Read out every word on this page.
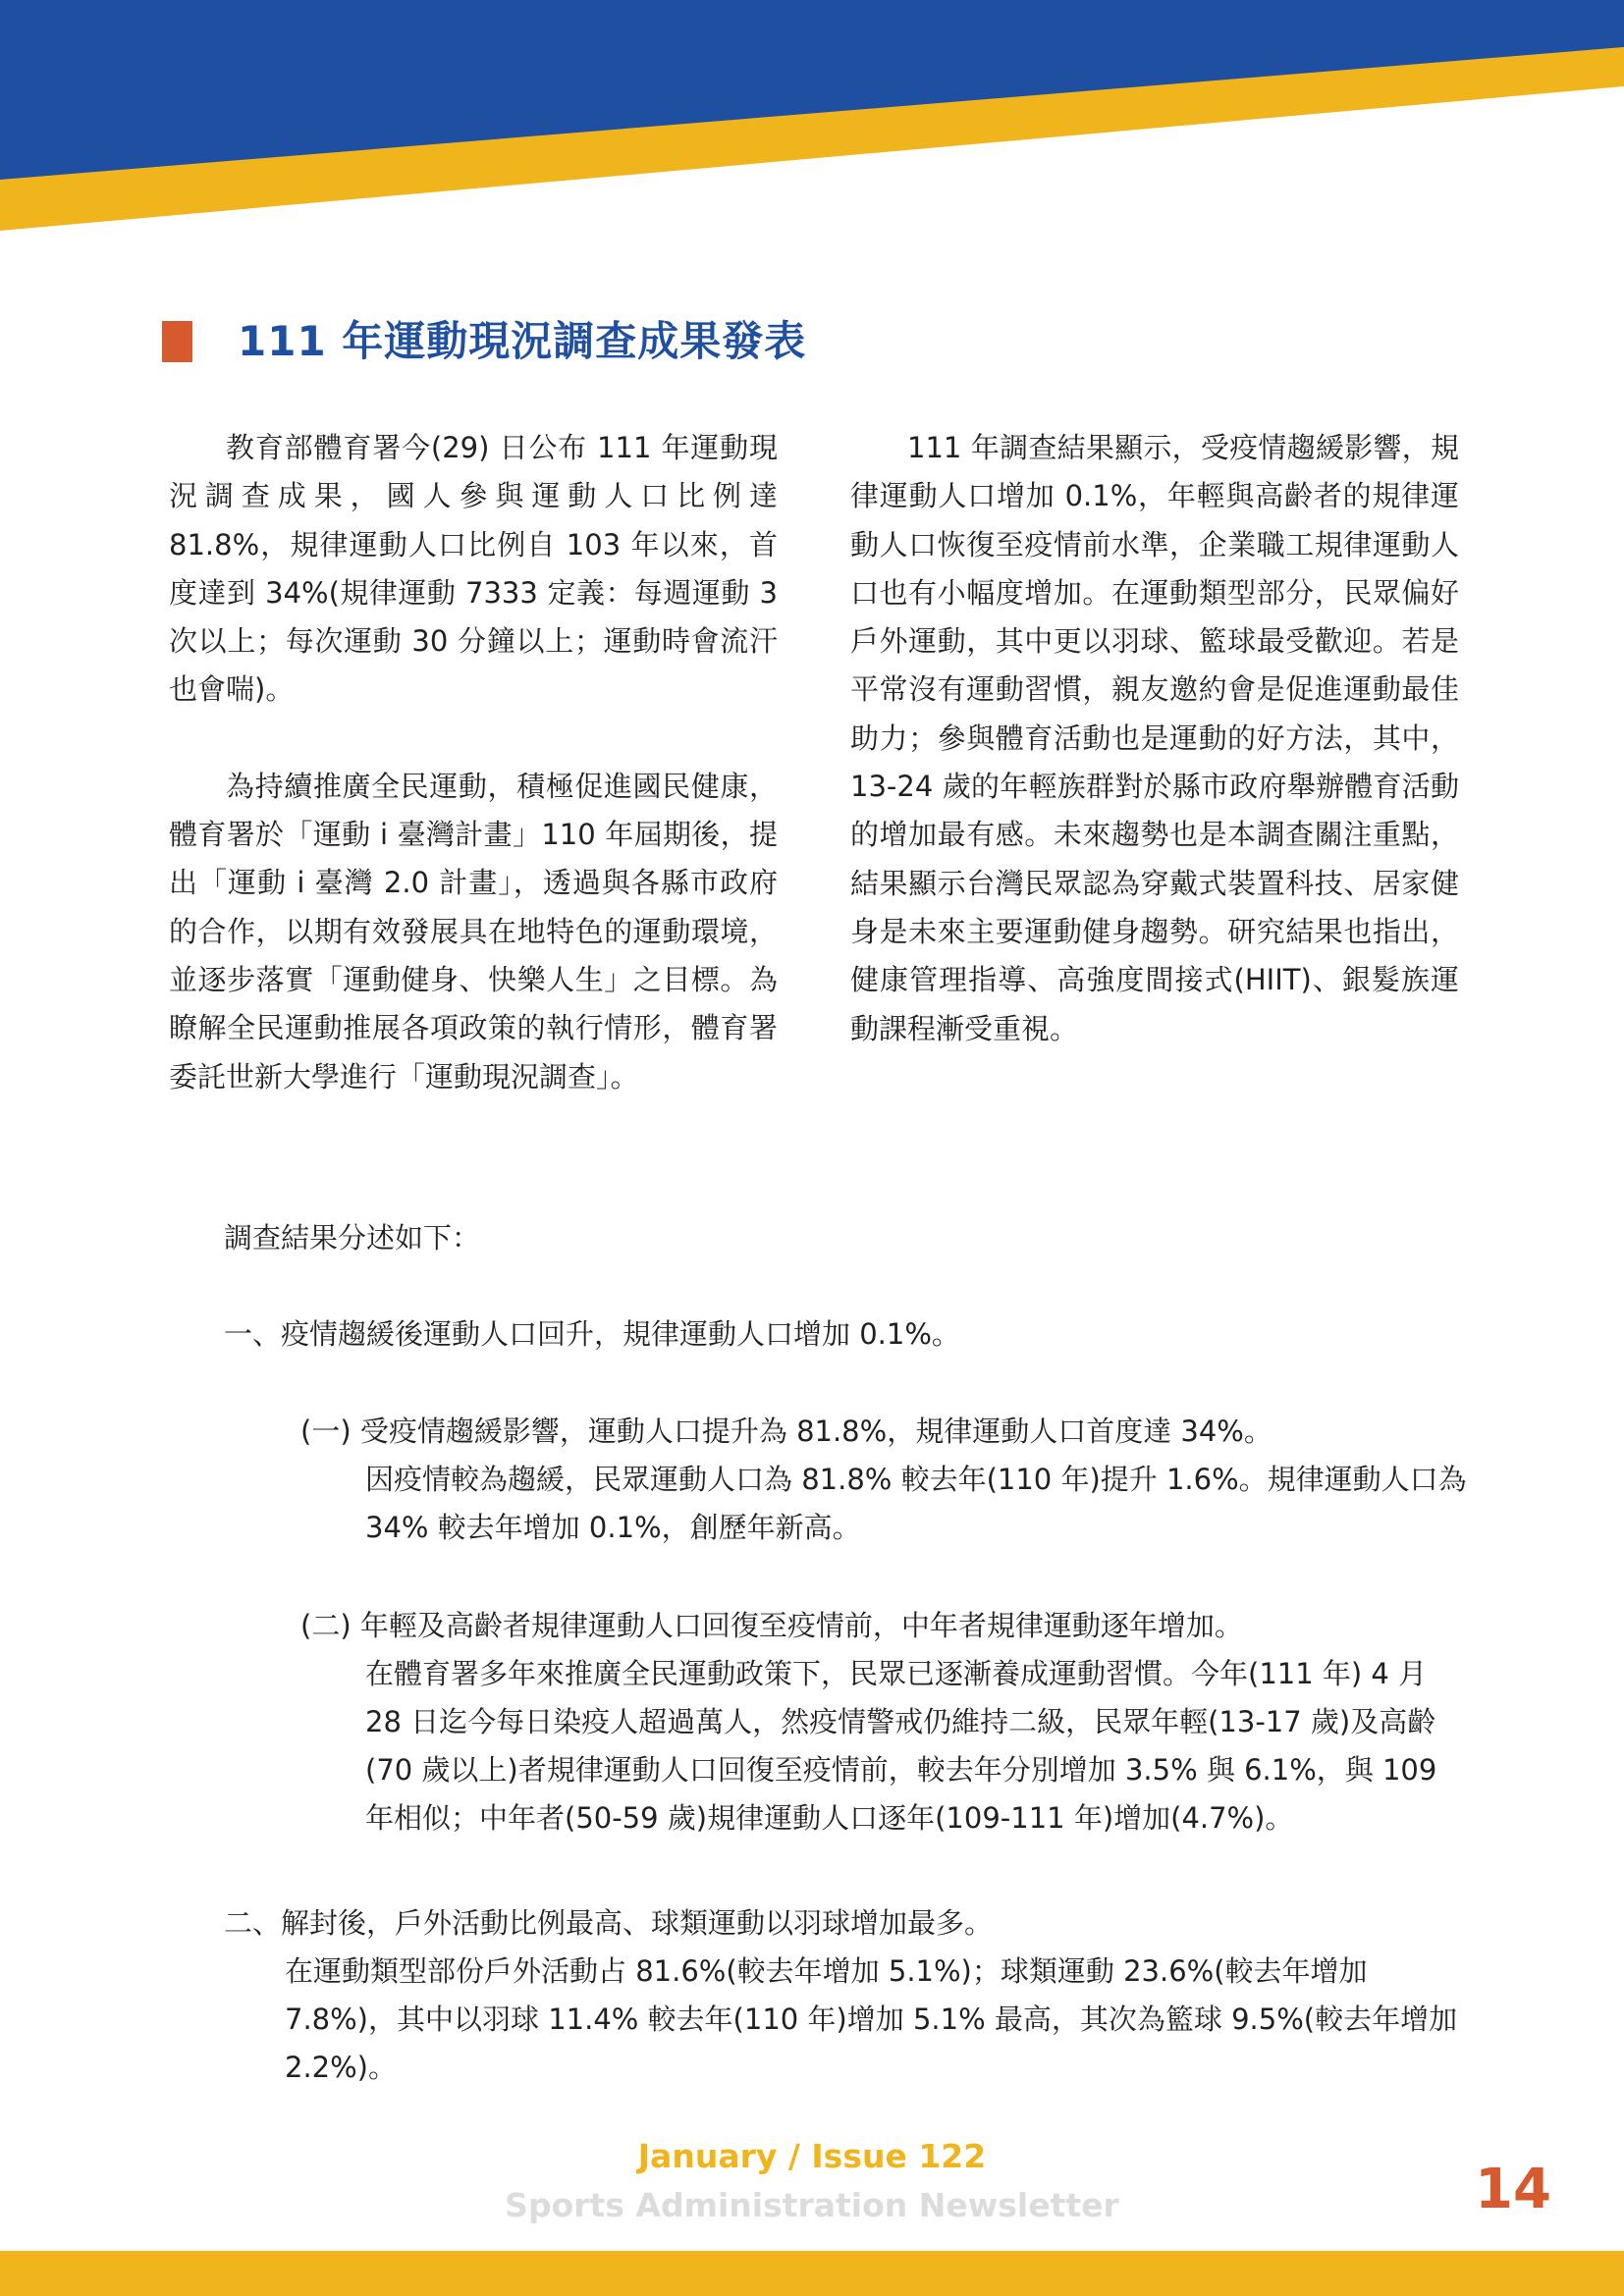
111 年運動現況調查成果發表

教育部體育署今(29) 日公布 111 年運動現況調查成果，國人參與運動人口比例達 81.8%，規律運動人口比例自 103 年以來，首度達到 34%(規律運動 7333 定義：每週運動 3 次以上；每次運動 30 分鐘以上；運動時會流汗也會喘)。

為持續推廣全民運動，積極促進國民健康，體育署於「運動 i 臺灣計畫」110 年屆期後，提出「運動 i 臺灣 2.0 計畫」，透過與各縣市政府的合作，以期有效發展具在地特色的運動環境，並逐步落實「運動健身、快樂人生」之目標。為瞭解全民運動推展各項政策的執行情形，體育署委託世新大學進行「運動現況調查」。

111 年調查結果顯示，受疫情趨緩影響，規律運動人口增加 0.1%，年輕與高齡者的規律運動人口恢復至疫情前水準，企業職工規律運動人口也有小幅度增加。在運動類型部分，民眾偏好戶外運動，其中更以羽球、籃球最受歡迎。若是平常沒有運動習慣，親友邀約會是促進運動最佳助力；參與體育活動也是運動的好方法，其中，13-24 歲的年輕族群對於縣市政府舉辦體育活動的增加最有感。未來趨勢也是本調查關注重點，結果顯示台灣民眾認為穿戴式裝置科技、居家健身是未來主要運動健身趨勢。研究結果也指出，健康管理指導、高強度間接式(HIIT)、銀髮族運動課程漸受重視。

調查結果分述如下：
一、疫情趨緩後運動人口回升，規律運動人口增加 0.1%。
(一) 受疫情趨緩影響，運動人口提升為 81.8%，規律運動人口首度達 34%。
因疫情較為趨緩，民眾運動人口為 81.8% 較去年(110 年)提升 1.6%。規律運動人口為 34% 較去年增加 0.1%，創歷年新高。
(二) 年輕及高齡者規律運動人口回復至疫情前，中年者規律運動逐年增加。
在體育署多年來推廣全民運動政策下，民眾已逐漸養成運動習慣。今年(111 年) 4 月 28 日迄今每日染疫人超過萬人，然疫情警戒仍維持二級，民眾年輕(13-17 歲)及高齡(70 歲以上)者規律運動人口回復至疫情前，較去年分別增加 3.5% 與 6.1%，與 109 年相似；中年者(50-59 歲)規律運動人口逐年(109-111 年)增加(4.7%)。
二、解封後，戶外活動比例最高、球類運動以羽球增加最多。
在運動類型部份戶外活動占 81.6%(較去年增加 5.1%)；球類運動 23.6%(較去年增加 7.8%)，其中以羽球 11.4% 較去年(110 年)增加 5.1% 最高，其次為籃球 9.5%(較去年增加 2.2%)。
January / Issue 122
Sports Administration Newsletter	14
